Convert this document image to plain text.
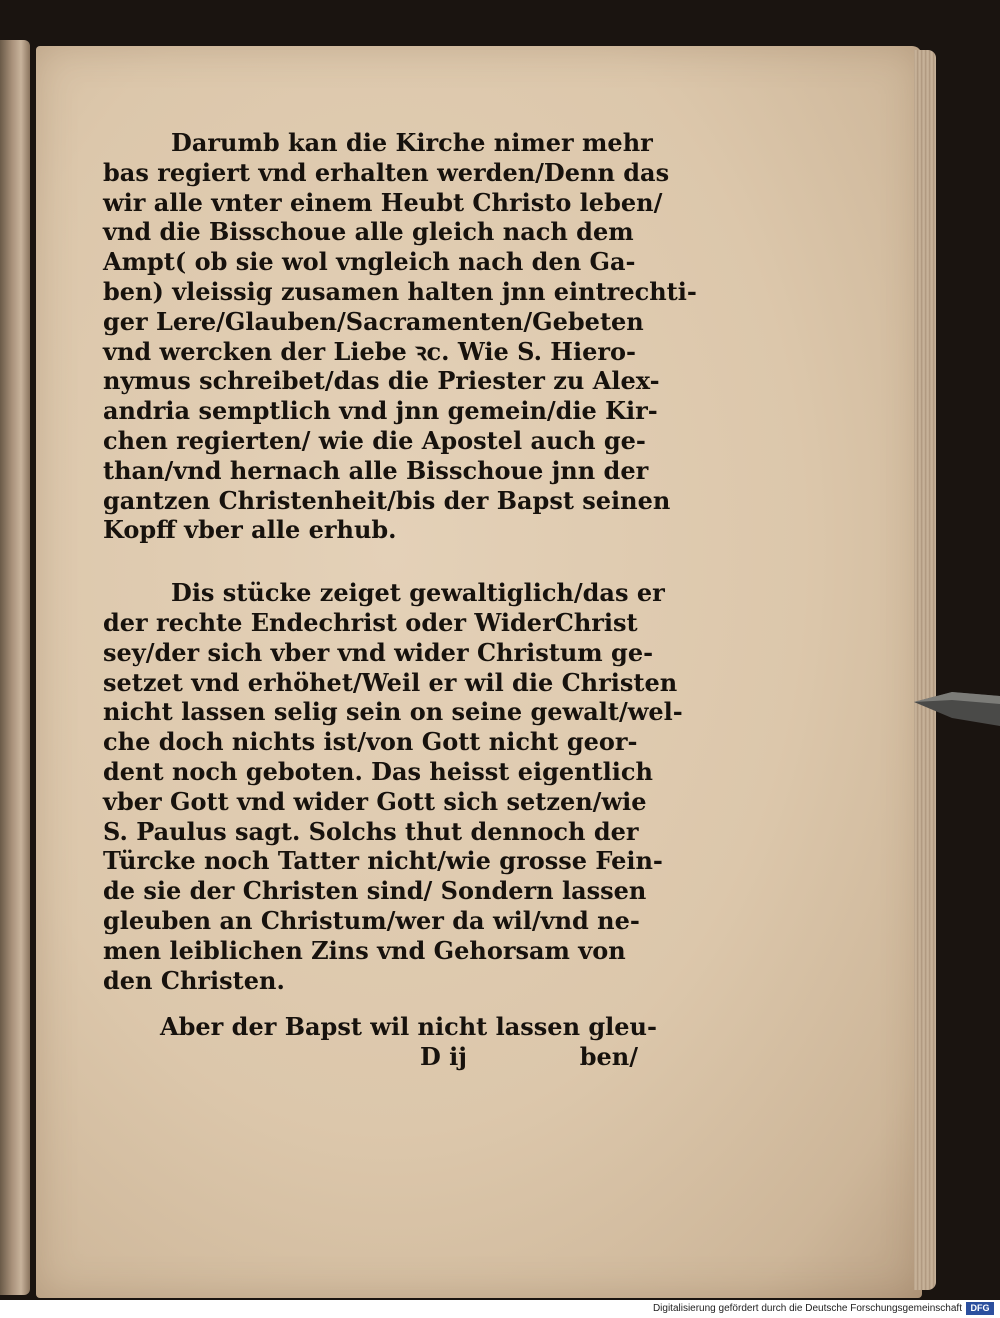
Darumb kan die Kirche nimer mehr
bas regiert vnd erhalten werden/Denn das
wir alle vnter einem Heubt Christo leben/
vnd die Bisschoue alle gleich nach dem
Ampt( ob sie wol vngleich nach den Ga-
ben) vleissig zusamen halten jnn eintrechti-
ger Lere/Glauben/Sacramenten/Gebeten
vnd wercken der Liebe ꝛc. Wie S. Hiero-
nymus schreibet/das die Priester zu Alex-
andria semptlich vnd jnn gemein/die Kir-
chen regierten/ wie die Apostel auch ge-
than/vnd hernach alle Bisschoue jnn der
gantzen Christenheit/bis der Bapst seinen
Kopff vber alle erhub.
Dis stücke zeiget gewaltiglich/das er
der rechte Endechrist oder WiderChrist
sey/der sich vber vnd wider Christum ge-
setzet vnd erhöhet/Weil er wil die Christen
nicht lassen selig sein on seine gewalt/wel-
che doch nichts ist/von Gott nicht geor-
dent noch geboten. Das heisst eigentlich
vber Gott vnd wider Gott sich setzen/wie
S. Paulus sagt. Solchs thut dennoch der
Türcke noch Tatter nicht/wie grosse Fein-
de sie der Christen sind/ Sondern lassen
gleuben an Christum/wer da wil/vnd ne-
men leiblichen Zins vnd Gehorsam von
den Christen.
Aber der Bapst wil nicht lassen gleu-
D ij	ben/
Digitalisierung gefördert durch die Deutsche Forschungsgemeinschaft DFG
